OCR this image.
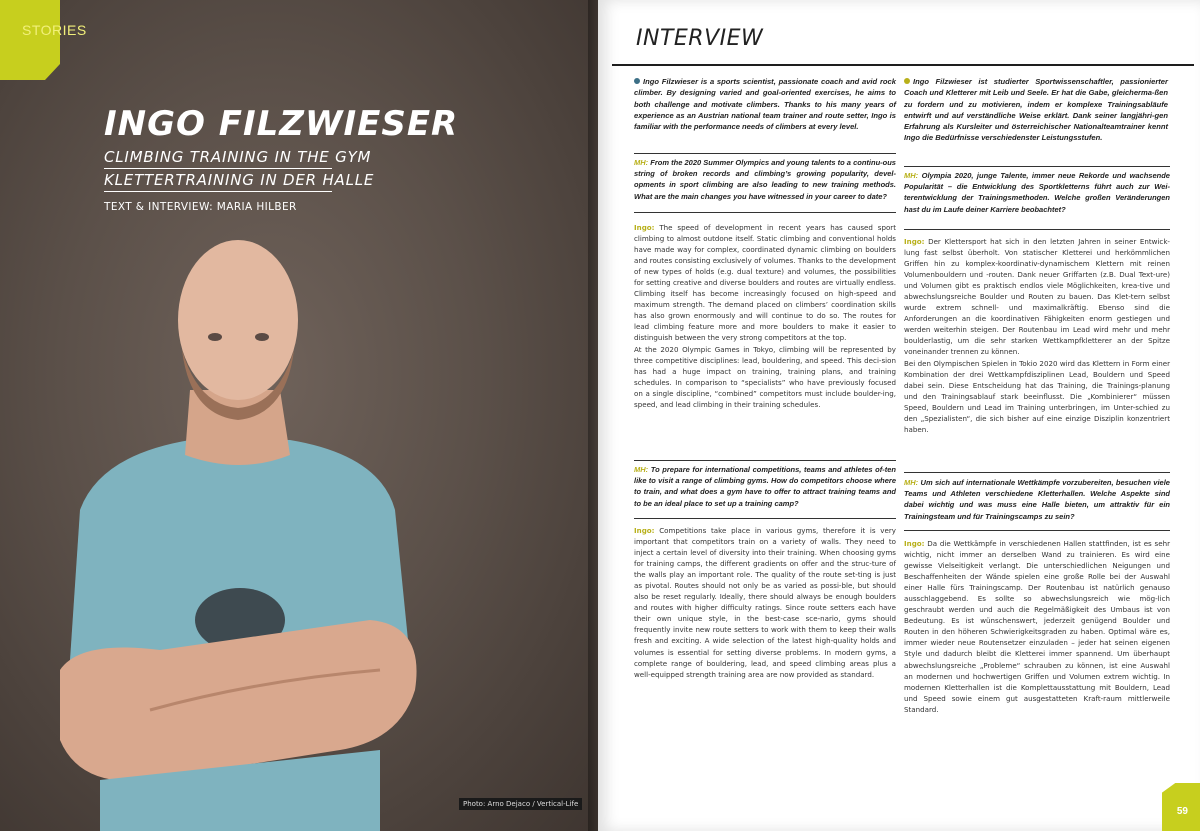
STORIES
INGO FILZWIESER
CLIMBING TRAINING IN THE GYM
KLETTERTRAINING IN DER HALLE
TEXT & INTERVIEW: MARIA HILBER
Photo: Arno Dejaco / Vertical-Life
INTERVIEW
Ingo Filzwieser is a sports scientist, passionate coach and avid rock climber. By designing varied and goal-oriented exercises, he aims to both challenge and motivate climbers. Thanks to his many years of experience as an Austrian national team trainer and route setter, Ingo is familiar with the performance needs of climbers at every level.
Ingo Filzwieser ist studierter Sportwissenschaftler, passionierter Coach und Kletterer mit Leib und Seele. Er hat die Gabe, gleicherma-ßen zu fordern und zu motivieren, indem er komplexe Trainingsabläufe entwirft und auf verständliche Weise erklärt. Dank seiner langjähri-gen Erfahrung als Kursleiter und österreichischer Nationalteamtrainer kennt Ingo die Bedürfnisse verschiedenster Leistungsstufen.
MH: From the 2020 Summer Olympics and young talents to a continu-ous string of broken records and climbing’s growing popularity, devel-opments in sport climbing are also leading to new training methods. What are the main changes you have witnessed in your career to date?
MH: Olympia 2020, junge Talente, immer neue Rekorde und wachsende Popularität – die Entwicklung des Sportkletterns führt auch zur Wei-terentwicklung der Trainingsmethoden. Welche großen Veränderungen hast du im Laufe deiner Karriere beobachtet?
Ingo: The speed of development in recent years has caused sport climbing to almost outdone itself. Static climbing and conventional holds have made way for complex, coordinated dynamic climbing on boulders and routes consisting exclusively of volumes. Thanks to the development of new types of holds (e.g. dual texture) and volumes, the possibilities for setting creative and diverse boulders and routes are virtually endless. Climbing itself has become increasingly focused on high-speed and maximum strength. The demand placed on climbers’ coordination skills has also grown enormously and will continue to do so. The routes for lead climbing feature more and more boulders to make it easier to distinguish between the very strong competitors at the top.
At the 2020 Olympic Games in Tokyo, climbing will be represented by three competitive disciplines: lead, bouldering, and speed. This deci-sion has had a huge impact on training, training plans, and training schedules. In comparison to “specialists” who have previously focused on a single discipline, “combined” competitors must include boulder-ing, speed, and lead climbing in their training schedules.
Ingo: Der Klettersport hat sich in den letzten Jahren in seiner Entwick-lung fast selbst überholt. Von statischer Kletterei und herkömmlichen Griffen hin zu komplex-koordinativ-dynamischem Klettern mit reinen Volumenbouldern und -routen. Dank neuer Griffarten (z.B. Dual Text-ure) und Volumen gibt es praktisch endlos viele Möglichkeiten, krea-tive und abwechslungsreiche Boulder und Routen zu bauen. Das Klet-tern selbst wurde extrem schnell- und maximalkräftig. Ebenso sind die Anforderungen an die koordinativen Fähigkeiten enorm gestiegen und werden weiterhin steigen. Der Routenbau im Lead wird mehr und mehr boulderlastig, um die sehr starken Wettkampfkletterer an der Spitze voneinander trennen zu können.
Bei den Olympischen Spielen in Tokio 2020 wird das Klettern in Form einer Kombination der drei Wettkampfdisziplinen Lead, Bouldern und Speed dabei sein. Diese Entscheidung hat das Training, die Trainings-planung und den Trainingsablauf stark beeinflusst. Die „Kombinierer“ müssen Speed, Bouldern und Lead im Training unterbringen, im Unter-schied zu den „Spezialisten“, die sich bisher auf eine einzige Disziplin konzentriert haben.
MH: To prepare for international competitions, teams and athletes of-ten like to visit a range of climbing gyms. How do competitors choose where to train, and what does a gym have to offer to attract training teams and to be an ideal place to set up a training camp?
MH: Um sich auf internationale Wettkämpfe vorzubereiten, besuchen viele Teams und Athleten verschiedene Kletterhallen. Welche Aspekte sind dabei wichtig und was muss eine Halle bieten, um attraktiv für ein Trainingsteam und für Trainingscamps zu sein?
Ingo: Competitions take place in various gyms, therefore it is very important that competitors train on a variety of walls. They need to inject a certain level of diversity into their training. When choosing gyms for training camps, the different gradients on offer and the struc-ture of the walls play an important role. The quality of the route set-ting is just as pivotal. Routes should not only be as varied as possi-ble, but should also be reset regularly. Ideally, there should always be enough boulders and routes with higher difficulty ratings. Since route setters each have their own unique style, in the best-case sce-nario, gyms should frequently invite new route setters to work with them to keep their walls fresh and exciting. A wide selection of the latest high-quality holds and volumes is essential for setting diverse problems. In modern gyms, a complete range of bouldering, lead, and speed climbing areas plus a well-equipped strength training area are now provided as standard.
Ingo: Da die Wettkämpfe in verschiedenen Hallen stattfinden, ist es sehr wichtig, nicht immer an derselben Wand zu trainieren. Es wird eine gewisse Vielseitigkeit verlangt. Die unterschiedlichen Neigungen und Beschaffenheiten der Wände spielen eine große Rolle bei der Auswahl einer Halle fürs Trainingscamp. Der Routenbau ist natürlich genauso ausschlaggebend. Es sollte so abwechslungsreich wie mög-lich geschraubt werden und auch die Regelmäßigkeit des Umbaus ist von Bedeutung. Es ist wünschenswert, jederzeit genügend Boulder und Routen in den höheren Schwierigkeitsgraden zu haben. Optimal wäre es, immer wieder neue Routensetzer einzuladen – jeder hat seinen eigenen Style und dadurch bleibt die Kletterei immer spannend. Um überhaupt abwechslungsreiche „Probleme“ schrauben zu können, ist eine Auswahl an modernen und hochwertigen Griffen und Volumen extrem wichtig. In modernen Kletterhallen ist die Komplettausstattung mit Bouldern, Lead und Speed sowie einem gut ausgestatteten Kraft-raum mittlerweile Standard.
59
